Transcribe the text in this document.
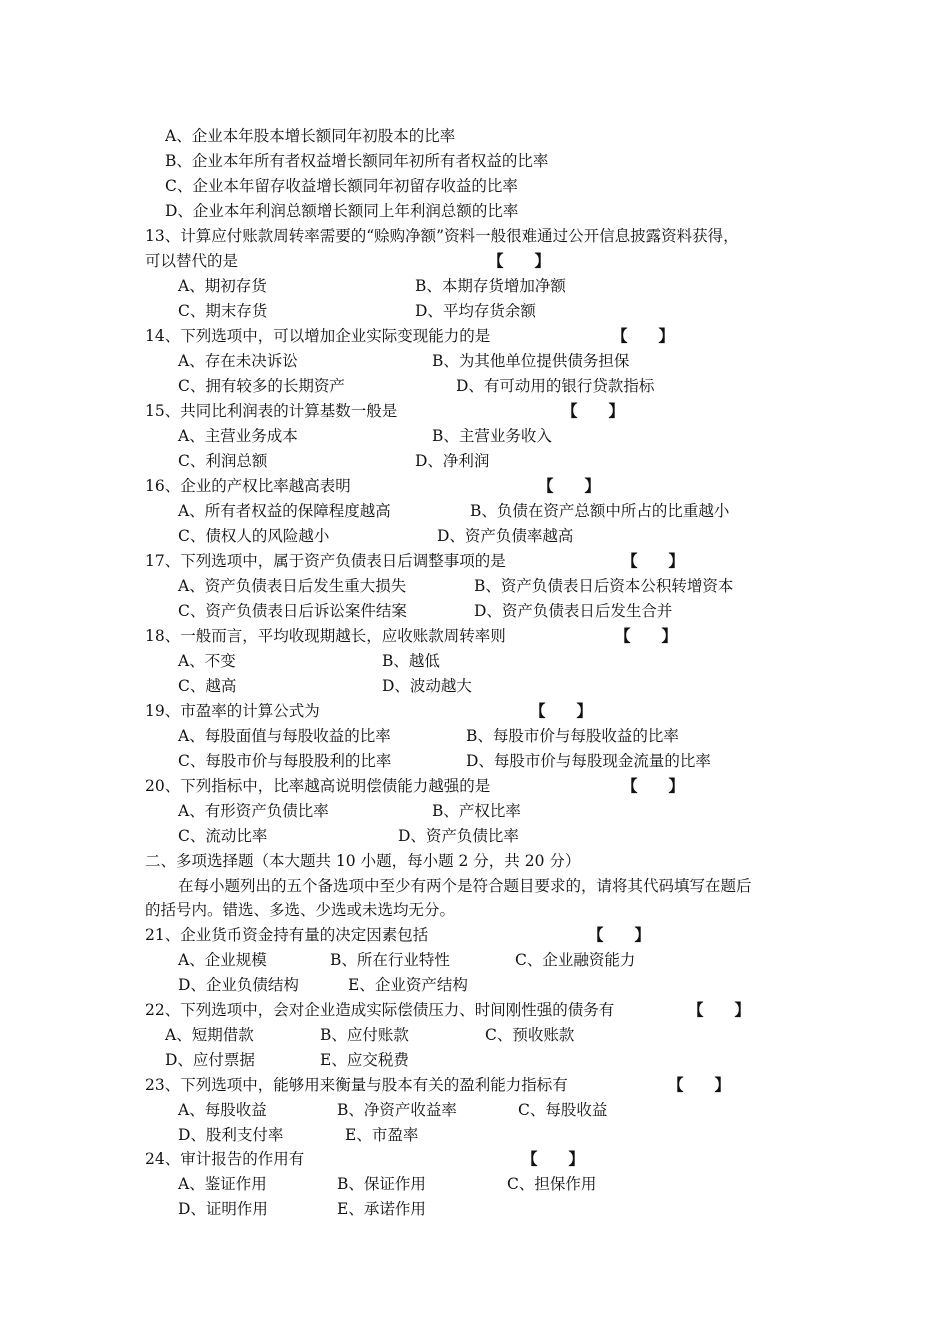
A、企业本年股本增长额同年初股本的比率
B、企业本年所有者权益增长额同年初所有者权益的比率
C、企业本年留存收益增长额同年初留存收益的比率
D、企业本年利润总额增长额同上年利润总额的比率
13、计算应付账款周转率需要的“赊购净额”资料一般很难通过公开信息披露资料获得，
可以替代的是	【　　】
A、期初存货	B、本期存货增加净额
C、期末存货	D、平均存货余额
14、下列选项中，可以增加企业实际变现能力的是	【　　】
A、存在未决诉讼	B、为其他单位提供债务担保
C、拥有较多的长期资产	D、有可动用的银行贷款指标
15、共同比利润表的计算基数一般是	【　　】
A、主营业务成本	B、主营业务收入
C、利润总额	D、净利润
16、企业的产权比率越高表明	【　　】
A、所有者权益的保障程度越高	B、负债在资产总额中所占的比重越小
C、债权人的风险越小	D、资产负债率越高
17、下列选项中，属于资产负债表日后调整事项的是	【　　】
A、资产负债表日后发生重大损失	B、资产负债表日后资本公积转增资本
C、资产负债表日后诉讼案件结案	D、资产负债表日后发生合并
18、一般而言，平均收现期越长，应收账款周转率则	【　　】
A、不变	B、越低
C、越高	D、波动越大
19、市盈率的计算公式为	【　　】
A、每股面值与每股收益的比率	B、每股市价与每股收益的比率
C、每股市价与每股股利的比率	D、每股市价与每股现金流量的比率
20、下列指标中，比率越高说明偿债能力越强的是	【　　】
A、有形资产负债比率	B、产权比率
C、流动比率	D、资产负债比率
二、多项选择题（本大题共 10 小题，每小题 2 分，共 20 分）
在每小题列出的五个备选项中至少有两个是符合题目要求的，请将其代码填写在题后
的括号内。错选、多选、少选或未选均无分。
21、企业货币资金持有量的决定因素包括	【　　】
A、企业规模	B、所在行业特性	C、企业融资能力
D、企业负债结构	E、企业资产结构
22、下列选项中，会对企业造成实际偿债压力、时间刚性强的债务有	【　　】
A、短期借款	B、应付账款	C、预收账款
D、应付票据	E、应交税费
23、下列选项中，能够用来衡量与股本有关的盈利能力指标有	【　　】
A、每股收益	B、净资产收益率	C、每股收益
D、股利支付率	E、市盈率
24、审计报告的作用有	【　　】
A、鉴证作用	B、保证作用	C、担保作用
D、证明作用	E、承诺作用
